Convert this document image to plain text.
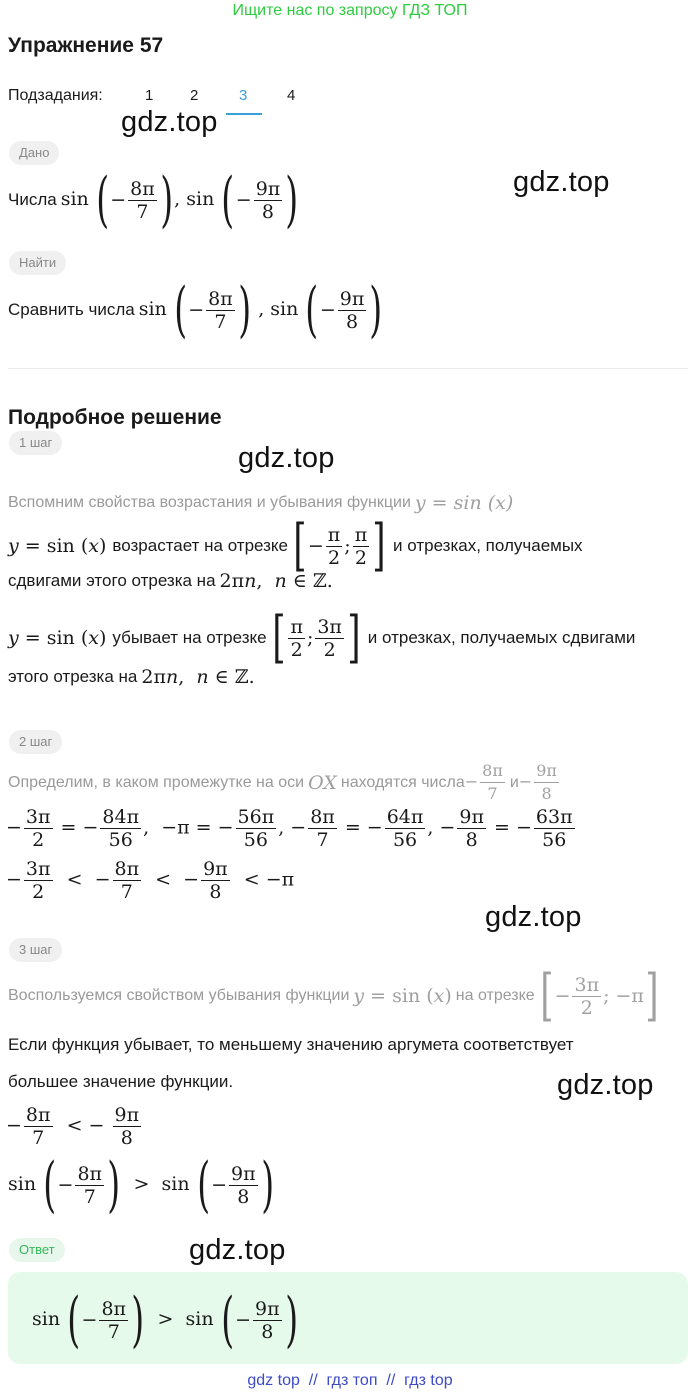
Ищите нас по запросу ГДЗ ТОП
Упражнение 57
Подзадания:	1 2	3	4
gdz.top
gdz.top
Дано
Числа sin ( − $\frac{8\pi}{7}$ ) , sin ( − $\frac{9\pi}{8}$ )
Найти
Сравнить числа sin ( − $\frac{8\pi}{7}$ ) , sin ( − $\frac{9\pi}{8}$ )
Подробное решение
gdz.top
1 шаг
Вспомним свойства возрастания и убывания функции y = sin (x)
y = sin (x) возрастает на отрезке [ − $\frac{\pi}{2}$ ; $\frac{\pi}{2}$ ] и отрезках, получаемых
сдвигами этого отрезка на 2πn,  n ∈ ℤ.
y = sin (x) убывает на отрезке [ $\frac{\pi}{2}$ ; $\frac{3\pi}{2}$ ] и отрезках, получаемых сдвигами
этого отрезка на 2πn,  n ∈ ℤ.
2 шаг
Определим, в каком промежутке на оси OX находятся числа − $\frac{8\pi}{7}$ $и - \frac{9\pi}{8}$
− $\frac{3\pi}{2}$ = − $\frac{84\pi}{56}$ ,  −π = − $\frac{56\pi}{56}$ , − $\frac{8\pi}{7}$ = − $\frac{64\pi}{56}$ , − $\frac{9\pi}{8}$ = − $\frac{63\pi}{56}$
− $\frac{3\pi}{2}$ <  − $\frac{8\pi}{7}$ <  − $\frac{9\pi}{8} < -\pi$
gdz.top
3 шаг
Воспользуемся свойством убывания функции y = sin (x) на отрезке [ − $\frac{3\pi}{2}$ ; −π ]
Если функция убывает, то меньшему значению аргумета соответствует
большее значение функции.	gdz.top
− $\frac{8\pi}{7}$ < − $\frac{9\pi}{8}$
sin ( − $\frac{8\pi}{7}$ ) >  sin ( − $\frac{9\pi}{8}$ )
Ответ	gdz.top
sin ( − $\frac{8\pi}{7}$ ) >  sin ( − $\frac{9\pi}{8}$ )
gdz top  //  гдз топ  //  гдз top
